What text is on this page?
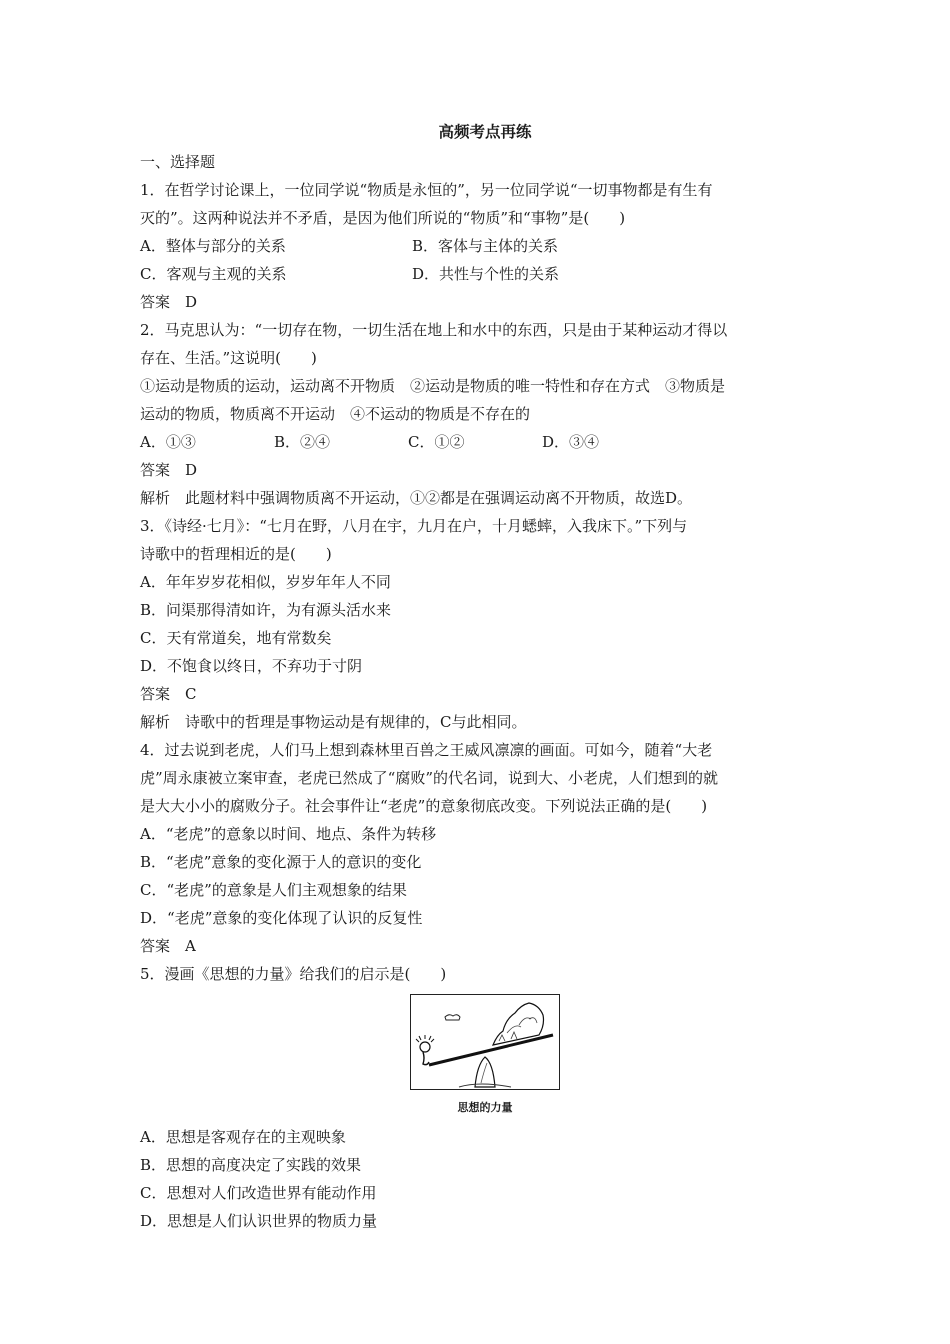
高频考点再练
一、选择题
1．在哲学讨论课上，一位同学说“物质是永恒的”，另一位同学说“一切事物都是有生有
灭的”。这两种说法并不矛盾，是因为他们所说的“物质”和“事物”是(　　)
A．整体与部分的关系	B．客体与主体的关系
C．客观与主观的关系	D．共性与个性的关系
答案　D
2．马克思认为：“一切存在物，一切生活在地上和水中的东西，只是由于某种运动才得以
存在、生活。”这说明(　　)
①运动是物质的运动，运动离不开物质　②运动是物质的唯一特性和存在方式　③物质是
运动的物质，物质离不开运动　④不运动的物质是不存在的
A．①③	B．②④	C．①②	D．③④
答案　D
解析　此题材料中强调物质离不开运动，①②都是在强调运动离不开物质，故选D。
3．《诗经·七月》：“七月在野，八月在宇，九月在户，十月蟋蟀，入我床下。”下列与
诗歌中的哲理相近的是(　　)
A．年年岁岁花相似，岁岁年年人不同
B．问渠那得清如许，为有源头活水来
C．天有常道矣，地有常数矣
D．不饱食以终日，不弃功于寸阴
答案　C
解析　诗歌中的哲理是事物运动是有规律的，C与此相同。
4．过去说到老虎，人们马上想到森林里百兽之王威风凛凛的画面。可如今，随着“大老
虎”周永康被立案审查，老虎已然成了“腐败”的代名词，说到大、小老虎，人们想到的就
是大大小小的腐败分子。社会事件让“老虎”的意象彻底改变。下列说法正确的是(　　)
A．“老虎”的意象以时间、地点、条件为转移
B．“老虎”意象的变化源于人的意识的变化
C．“老虎”的意象是人们主观想象的结果
D．“老虎”意象的变化体现了认识的反复性
答案　A
5．漫画《思想的力量》给我们的启示是(　　)
思想的力量
A．思想是客观存在的主观映象
B．思想的高度决定了实践的效果
C．思想对人们改造世界有能动作用
D．思想是人们认识世界的物质力量
